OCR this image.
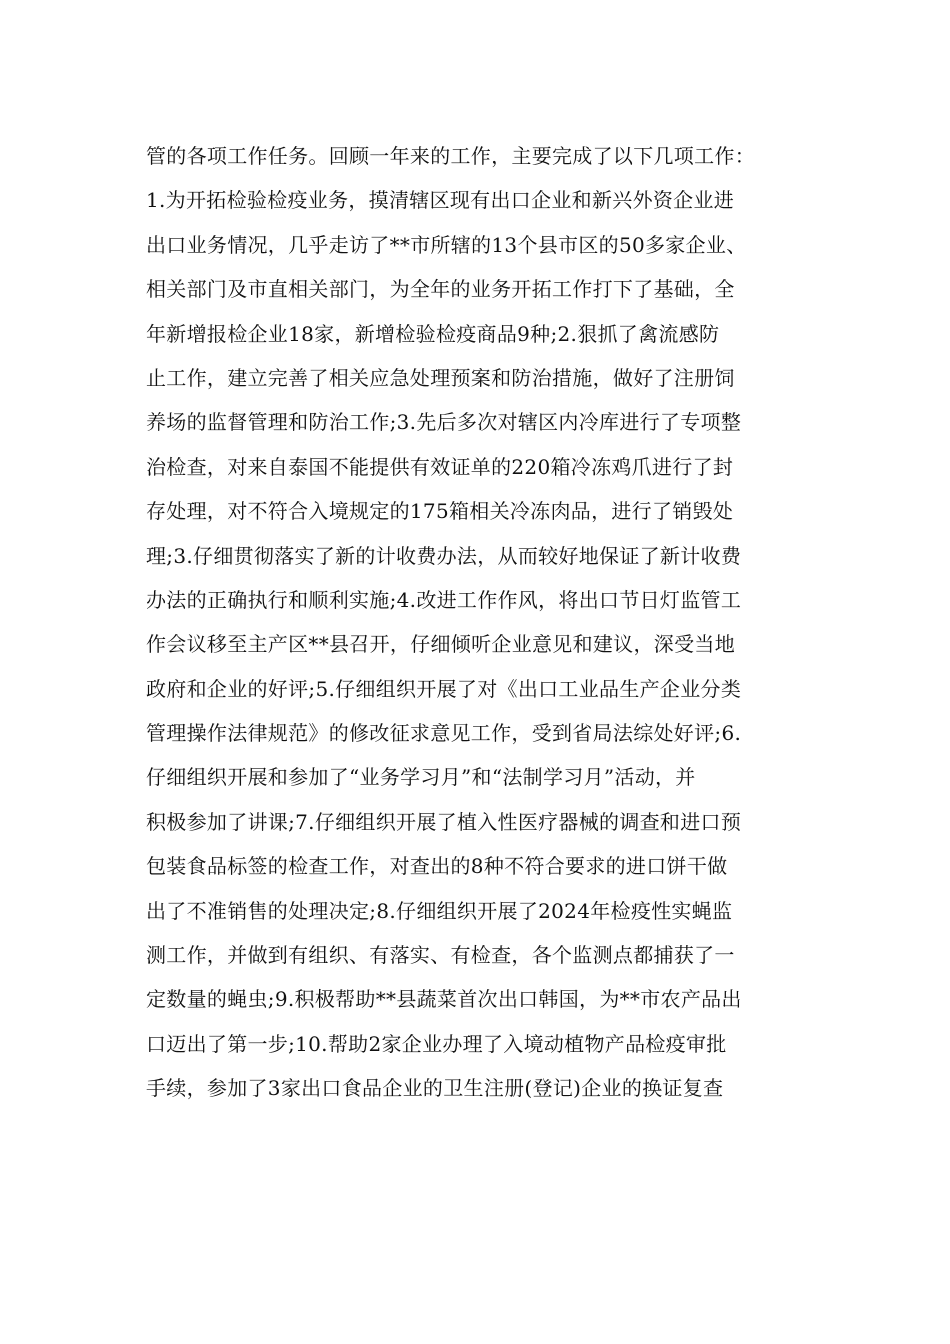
管的各项工作任务。回顾一年来的工作，主要完成了以下几项工作：
1.为开拓检验检疫业务，摸清辖区现有出口企业和新兴外资企业进
出口业务情况，几乎走访了**市所辖的13个县市区的50多家企业、
相关部门及市直相关部门，为全年的业务开拓工作打下了基础，全
年新增报检企业18家，新增检验检疫商品9种;2.狠抓了禽流感防
止工作，建立完善了相关应急处理预案和防治措施，做好了注册饲
养场的监督管理和防治工作;3.先后多次对辖区内冷库进行了专项整
治检查，对来自泰国不能提供有效证单的220箱冷冻鸡爪进行了封
存处理，对不符合入境规定的175箱相关冷冻肉品，进行了销毁处
理;3.仔细贯彻落实了新的计收费办法，从而较好地保证了新计收费
办法的正确执行和顺利实施;4.改进工作作风，将出口节日灯监管工
作会议移至主产区**县召开，仔细倾听企业意见和建议，深受当地
政府和企业的好评;5.仔细组织开展了对《出口工业品生产企业分类
管理操作法律规范》的修改征求意见工作，受到省局法综处好评;6.
仔细组织开展和参加了“业务学习月”和“法制学习月”活动，并
积极参加了讲课;7.仔细组织开展了植入性医疗器械的调查和进口预
包装食品标签的检查工作，对查出的8种不符合要求的进口饼干做
出了不准销售的处理决定;8.仔细组织开展了2024年检疫性实蝇监
测工作，并做到有组织、有落实、有检查，各个监测点都捕获了一
定数量的蝇虫;9.积极帮助**县蔬菜首次出口韩国，为**市农产品出
口迈出了第一步;10.帮助2家企业办理了入境动植物产品检疫审批
手续，参加了3家出口食品企业的卫生注册(登记)企业的换证复查
